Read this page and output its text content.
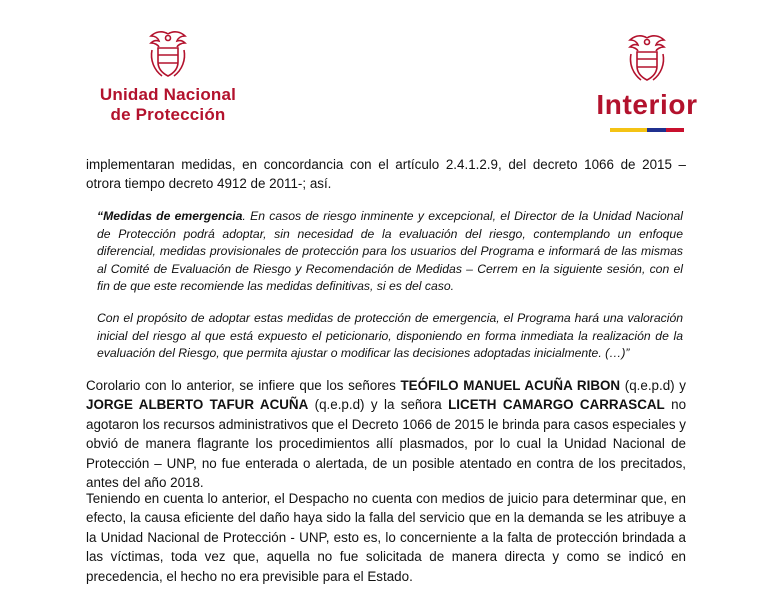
Unidad Nacional
de Protección	Interior

implementaran medidas, en concordancia con el artículo 2.4.1.2.9, del decreto 1066 de 2015 – otrora tiempo decreto 4912 de 2011-; así.

“Medidas de emergencia. En casos de riesgo inminente y excepcional, el Director de la Unidad Nacional de Protección podrá adoptar, sin necesidad de la evaluación del riesgo, contemplando un enfoque diferencial, medidas provisionales de protección para los usuarios del Programa e informará de las mismas al Comité de Evaluación de Riesgo y Recomendación de Medidas – Cerrem en la siguiente sesión, con el fin de que este recomiende las medidas definitivas, si es del caso.

Con el propósito de adoptar estas medidas de protección de emergencia, el Programa hará una valoración inicial del riesgo al que está expuesto el peticionario, disponiendo en forma inmediata la realización de la evaluación del Riesgo, que permita ajustar o modificar las decisiones adoptadas inicialmente. (…)”

Corolario con lo anterior, se infiere que los señores TEÓFILO MANUEL ACUÑA RIBON (q.e.p.d) y JORGE ALBERTO TAFUR ACUÑA (q.e.p.d) y la señora LICETH CAMARGO CARRASCAL no agotaron los recursos administrativos que el Decreto 1066 de 2015 le brinda para casos especiales y obvió de manera flagrante los procedimientos allí plasmados, por lo cual la Unidad Nacional de Protección – UNP, no fue enterada o alertada, de un posible atentado en contra de los precitados, antes del año 2018.

Teniendo en cuenta lo anterior, el Despacho no cuenta con medios de juicio para determinar que, en efecto, la causa eficiente del daño haya sido la falla del servicio que en la demanda se les atribuye a la Unidad Nacional de Protección - UNP, esto es, lo concerniente a la falta de protección brindada a las víctimas, toda vez que, aquella no fue solicitada de manera directa y como se indicó en precedencia, el hecho no era previsible para el Estado.
